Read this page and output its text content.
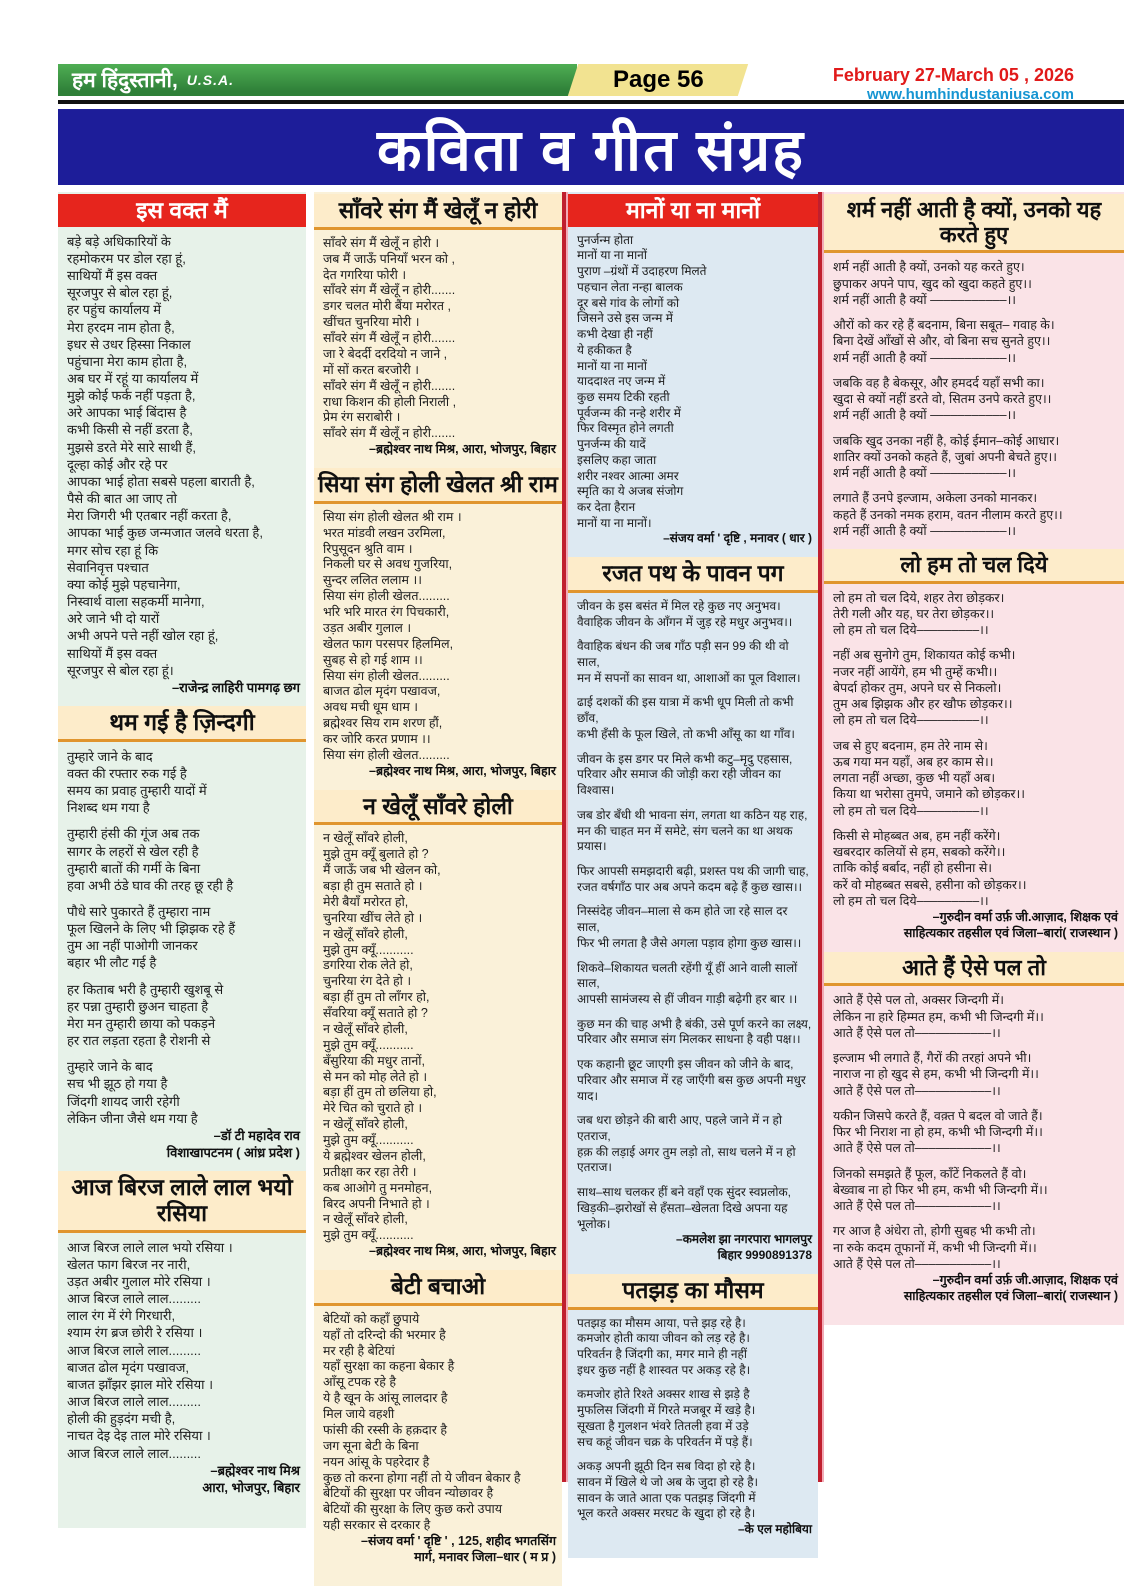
हम हिंदुस्तानी, U.S.A.	Page 56	February 27-March 05 , 2026
www.humhindustaniusa.com
कविता व गीत संग्रह
इस वक्त मैं
बड़े बड़े अधिकारियों के
रहमोकरम पर डोल रहा हूं,
साथियों मैं इस वक्त
सूरजपुर से बोल रहा हूं,
हर पहुंच कार्यालय में
मेरा हरदम नाम होता है,
इधर से उधर हिस्सा निकाल
पहुंचाना मेरा काम होता है,
अब घर में रहूं या कार्यालय में
मुझे कोई फर्क नहीं पड़ता है,
अरे आपका भाई बिंदास है
कभी किसी से नहीं डरता है,
मुझसे डरते मेरे सारे साथी हैं,
दूल्हा कोई और रहे पर
आपका भाई होता सबसे पहला बाराती है,
पैसे की बात आ जाए तो
मेरा जिगरी भी एतबार नहीं करता है,
आपका भाई कुछ जन्मजात जलवे धरता है,
मगर सोच रहा हूं कि
सेवानिवृत्त पश्चात
क्या कोई मुझे पहचानेगा,
निस्वार्थ वाला सहकर्मी मानेगा,
अरे जाने भी दो यारों
अभी अपने पत्ते नहीं खोल रहा हूं,
साथियों मैं इस वक्त
सूरजपुर से बोल रहा हूं।
–राजेन्द्र लाहिरी पामगढ़ छग
थम गई है ज़िन्दगी
तुम्हारे जाने के बाद
वक्त की रफ्तार रुक गई है
समय का प्रवाह तुम्हारी यादों में
निशब्द थम गया है
तुम्हारी हंसी की गूंज अब तक
सागर के लहरों से खेल रही है
तुम्हारी बातों की गर्मी के बिना
हवा अभी ठंडे घाव की तरह छू रही है
पौधे सारे पुकारते हैं तुम्हारा नाम
फूल खिलने के लिए भी झिझक रहे हैं
तुम आ नहीं पाओगी जानकर
बहार भी लौट गई है
हर किताब भरी है तुम्हारी खुशबू से
हर पन्ना तुम्हारी छुअन चाहता है
मेरा मन तुम्हारी छाया को पकड़ने
हर रात लड़ता रहता है रोशनी से
तुम्हारे जाने के बाद
सच भी झूठ हो गया है
जिंदगी शायद जारी रहेगी
लेकिन जीना जैसे थम गया है
–डॉ टी महादेव राव
विशाखापटनम ( आंध्र प्रदेश )
आज बिरज लाले लाल भयो रसिया
आज बिरज लाले लाल भयो रसिया ।
खेलत फाग बिरज नर नारी,
उड़त अबीर गुलाल मोरे रसिया ।
आज बिरज लाले लाल.........
लाल रंग में रंगे गिरधारी,
श्याम रंग ब्रज छोरी रे रसिया ।
आज बिरज लाले लाल.........
बाजत ढोल मृदंग पखावज,
बाजत झाँझर झाल मोरे रसिया ।
आज बिरज लाले लाल.........
होली की हुड़दंग मची है,
नाचत देइ देइ ताल मोरे रसिया ।
आज बिरज लाले लाल.........
–ब्रह्मेश्वर नाथ मिश्र
आरा, भोजपुर, बिहार
साँवरे संग मैं खेलूँ न होरी
साँवरे संग मैं खेलूँ न होरी ।
जब मैं जाऊँ पनियाँ भरन को ,
देत गगरिया फोरी ।
साँवरे संग मैं खेलूँ न होरी.......
डगर चलत मोरी बैंया मरोरत ,
खींचत चुनरिया मोरी ।
साँवरे संग मैं खेलूँ न होरी.......
जा रे बेदर्दी दरदियो न जाने ,
मों सों करत बरजोरी ।
साँवरे संग मैं खेलूँ न होरी.......
राधा किशन की होली निराली ,
प्रेम रंग सराबोरी ।
साँवरे संग मैं खेलूँ न होरी.......
–ब्रह्मेश्वर नाथ मिश्र, आरा, भोजपुर, बिहार
सिया संग होली खेलत श्री राम
सिया संग होली खेलत श्री राम ।
भरत मांडवी लखन उरमिला,
रिपुसूदन श्रुति वाम ।
निकली घर से अवध गुजरिया,
सुन्दर ललित ललाम ।।
सिया संग होली खेलत.........
भरि भरि मारत रंग पिचकारी,
उड़त अबीर गुलाल ।
खेलत फाग परसपर हिलमिल,
सुबह से हो गई शाम ।।
सिया संग होली खेलत.........
बाजत ढोल मृदंग पखावज,
अवध मची धूम धाम ।
ब्रह्मेश्वर सिय राम शरण हौं,
कर जोरि करत प्रणाम ।।
सिया संग होली खेलत.........
–ब्रह्मेश्वर नाथ मिश्र, आरा, भोजपुर, बिहार
न खेलूँ साँवरे होली
न खेलूँ साँवरे होली,
मुझे तुम क्यूँ बुलाते हो ?
मैं जाऊँ जब भी खेलन को,
बड़ा ही तुम सताते हो ।
मेरी बैयाँ मरोरत हो,
चुनरिया खींच लेते हो ।
न खेलूँ साँवरे होली,
मुझे तुम क्यूँ...........
डगरिया रोक लेते हो,
चुनरिया रंग देते हो ।
बड़ा हीं तुम तो लाँगर हो,
सँवरिया क्यूँ सताते हो ?
न खेलूँ साँवरे होली,
मुझे तुम क्यूँ...........
बँसुरिया की मधुर तानों,
से मन को मोह लेते हो ।
बड़ा हीं तुम तो छलिया हो,
मेरे चित को चुराते हो ।
न खेलूँ साँवरे होली,
मुझे तुम क्यूँ...........
ये ब्रह्मेश्वर खेलन होली,
प्रतीक्षा कर रहा तेरी ।
कब आओगे तु मनमोहन,
बिरद अपनी निभाते हो ।
न खेलूँ साँवरे होली,
मुझे तुम क्यूँ...........
–ब्रह्मेश्वर नाथ मिश्र, आरा, भोजपुर, बिहार
बेटी बचाओ
बेटियों को कहाँ छुपाये
यहाँ तो दरिन्दो की भरमार है
मर रही है बेटियां
यहाँ सुरक्षा का कहना बेकार है
आँसू टपक रहे है
ये है खून के आंसू लालदार है
मिल जाये वहशी
फांसी की रस्सी के हक़दार है
जग सूना बेटी के बिना
नयन आंसू के पहरेदार है
कुछ तो करना होगा नहीं तो ये जीवन बेकार है
बेटियों की सुरक्षा पर जीवन न्योछावर है
बेटियों की सुरक्षा के लिए कुछ करो उपाय
यही सरकार से दरकार है
–संजय वर्मा ' दृष्टि ' , 125, शहीद भगतसिंग
मार्ग, मनावर जिला–धार ( म प्र )
मानों या ना मानों
पुनर्जन्म होता
मानों या ना मानों
पुराण –ग्रंथों में उदाहरण मिलते
पहचान लेता नन्हा बालक
दूर बसे गांव के लोगों को
जिसने उसे इस जन्म में
कभी देखा ही नहीं
ये हकीकत है
मानों या ना मानों
याददाश्त नए जन्म में
कुछ समय टिकी रहती
पूर्वजन्म की नन्हे शरीर में
फिर विस्मृत होने लगती
पुनर्जन्म की यादें
इसलिए कहा जाता
शरीर नश्वर आत्मा अमर
स्मृति का ये अजब संजोग
कर देता हैरान
मानों या ना मानों।
–संजय वर्मा ' दृष्टि , मनावर ( धार )
रजत पथ के पावन पग
जीवन के इस बसंत में मिल रहे कुछ नए अनुभव।
वैवाहिक जीवन के आँगन में जुड़ रहे मधुर अनुभव।।
वैवाहिक बंधन की जब गाँठ पड़ी सन 99 की थी वो साल,
मन में सपनों का सावन था, आशाओं का पूल विशाल।
ढाई दशकों की इस यात्रा में कभी धूप मिली तो कभी छाँव,
कभी हँसी के फूल खिले, तो कभी आँसू का था गाँव।
जीवन के इस डगर पर मिले कभी कटु–मृदु एहसास,
परिवार और समाज की जोड़ी करा रही जीवन का विश्वास।
जब डोर बँधी थी भावना संग, लगता था कठिन यह राह,
मन की चाहत मन में समेटे, संग चलने का था अथक प्रयास।
फिर आपसी समझदारी बढ़ी, प्रशस्त पथ की जागी चाह,
रजत वर्षगाँठ पार अब अपने कदम बढ़े हैं कुछ खास।।
निस्संदेह जीवन–माला से कम होते जा रहे साल दर साल,
फिर भी लगता है जैसे अगला पड़ाव होगा कुछ खास।।
शिकवे–शिकायत चलती रहेंगी यूँ हीं आने वाली सालों साल,
आपसी सामंजस्य से हीं जीवन गाड़ी बढ़ेगी हर बार ।।
कुछ मन की चाह अभी है बंकी, उसे पूर्ण करने का लक्ष्य,
परिवार और समाज संग मिलकर साधना है वही पक्ष।।
एक कहानी छूट जाएगी इस जीवन को जीने के बाद,
परिवार और समाज में रह जाएँगी बस कुछ अपनी मधुर याद।
जब धरा छोड़ने की बारी आए, पहले जाने में न हो एतराज,
हक़ की लड़ाई अगर तुम लड़ो तो, साथ चलने में न हो एतराज।
साथ–साथ चलकर हीं बने वहाँ एक सुंदर स्वप्नलोक,
खिड़की–झरोखों से हँसता–खेलता दिखे अपना यह भूलोक।
–कमलेश झा नगरपारा भागलपुर
बिहार 9990891378
पतझड़ का मौसम
पतझड़ का मौसम आया, पत्ते झड़ रहे है।
कमजोर होती काया जीवन को लड़ रहे है।
परिवर्तन है जिंदगी का, मगर माने ही नहीं
इधर कुछ नहीं है शास्वत पर अकड़ रहे है।
कमजोर होते रिश्ते अक्सर शाख से झड़े है
मुफलिस जिंदगी में गिरते मजबूर में खड़े है।
सूखता है गुलशन भंवरे तितली हवा में उड़े
सच कहूं जीवन चक्र के परिवर्तन में पड़े हैं।
अकड़ अपनी झूठी दिन सब विदा हो रहे है।
सावन में खिले थे जो अब के जुदा हो रहे है।
सावन के जाते आता एक पतझड़ जिंदगी में
भूल करते अक्सर मरघट के खुदा हो रहे है।
–के एल महोबिया
शर्म नहीं आती है क्यों, उनको यह करते हुए
शर्म नहीं आती है क्यों, उनको यह करते हुए।
छुपाकर अपने पाप, खुद को खुदा कहते हुए।।
शर्म नहीं आती है क्यों –––––––––––।।
औरों को कर रहे हैं बदनाम, बिना सबूत– गवाह के।
बिना देखें आँखों से और, वो बिना सच सुनते हुए।।
शर्म नहीं आती है क्यों –––––––––––।।
जबकि वह है बेकसूर, और हमदर्द यहाँ सभी का।
खुदा से क्यों नहीं डरते वो, सितम उनपे करते हुए।।
शर्म नहीं आती है क्यों –––––––––––।।
जबकि खुद उनका नहीं है, कोई ईमान–कोई आधार।
शातिर क्यों उनको कहते हैं, जुबां अपनी बेचते हुए।।
शर्म नहीं आती है क्यों –––––––––––।।
लगाते हैं उनपे इल्जाम, अकेला उनको मानकर।
कहते हैं उनको नमक हराम, वतन नीलाम करते हुए।।
शर्म नहीं आती है क्यों –––––––––––।।
लो हम तो चल दिये
लो हम तो चल दिये, शहर तेरा छोड़कर।
तेरी गली और यह, घर तेरा छोड़कर।।
लो हम तो चल दिये–––––––––।।
नहीं अब सुनोगे तुम, शिकायत कोई कभी।
नजर नहीं आयेंगे, हम भी तुम्हें कभी।।
बेपर्दा होकर तुम, अपने घर से निकलो।
तुम अब झिझक और हर खौफ छोड़कर।।
लो हम तो चल दिये–––––––––।।
जब से हुए बदनाम, हम तेरे नाम से।
ऊब गया मन यहाँ, अब हर काम से।।
लगता नहीं अच्छा, कुछ भी यहाँ अब।
किया था भरोसा तुमपे, जमाने को छोड़कर।।
लो हम तो चल दिये–––––––––।।
किसी से मोहब्बत अब, हम नहीं करेंगे।
खबरदार कलियों से हम, सबको करेंगे।।
ताकि कोई बर्बाद, नहीं हो हसीना से।
करें वो मोहब्बत सबसे, हसीना को छोड़कर।।
लो हम तो चल दिये–––––––––।।
–गुरुदीन वर्मा उर्फ़ जी.आज़ाद, शिक्षक एवं
साहित्यकार तहसील एवं जिला–बारां( राजस्थान )
आते हैं ऐसे पल तो
आते हैं ऐसे पल तो, अक्सर जिन्दगी में।
लेकिन ना हारे हिम्मत हम, कभी भी जिन्दगी में।।
आते हैं ऐसे पल तो–––––––––––।।
इल्जाम भी लगाते हैं, गैरों की तरहां अपने भी।
नाराज ना हो खुद से हम, कभी भी जिन्दगी में।।
आते हैं ऐसे पल तो–––––––––––।।
यकीन जिसपे करते हैं, वक़्त पे बदल वो जाते हैं।
फिर भी निराश ना हो हम, कभी भी जिन्दगी में।।
आते हैं ऐसे पल तो–––––––––––।।
जिनको समझते हैं फूल, काँटें निकलते हैं वो।
बेख्वाब ना हो फिर भी हम, कभी भी जिन्दगी में।।
आते हैं ऐसे पल तो–––––––––––।।
गर आज है अंधेरा तो, होगी सुबह भी कभी तो।
ना रुके कदम तूफानों में, कभी भी जिन्दगी में।।
आते हैं ऐसे पल तो–––––––––––।।
–गुरुदीन वर्मा उर्फ़ जी.आज़ाद, शिक्षक एवं
साहित्यकार तहसील एवं जिला–बारां( राजस्थान )
